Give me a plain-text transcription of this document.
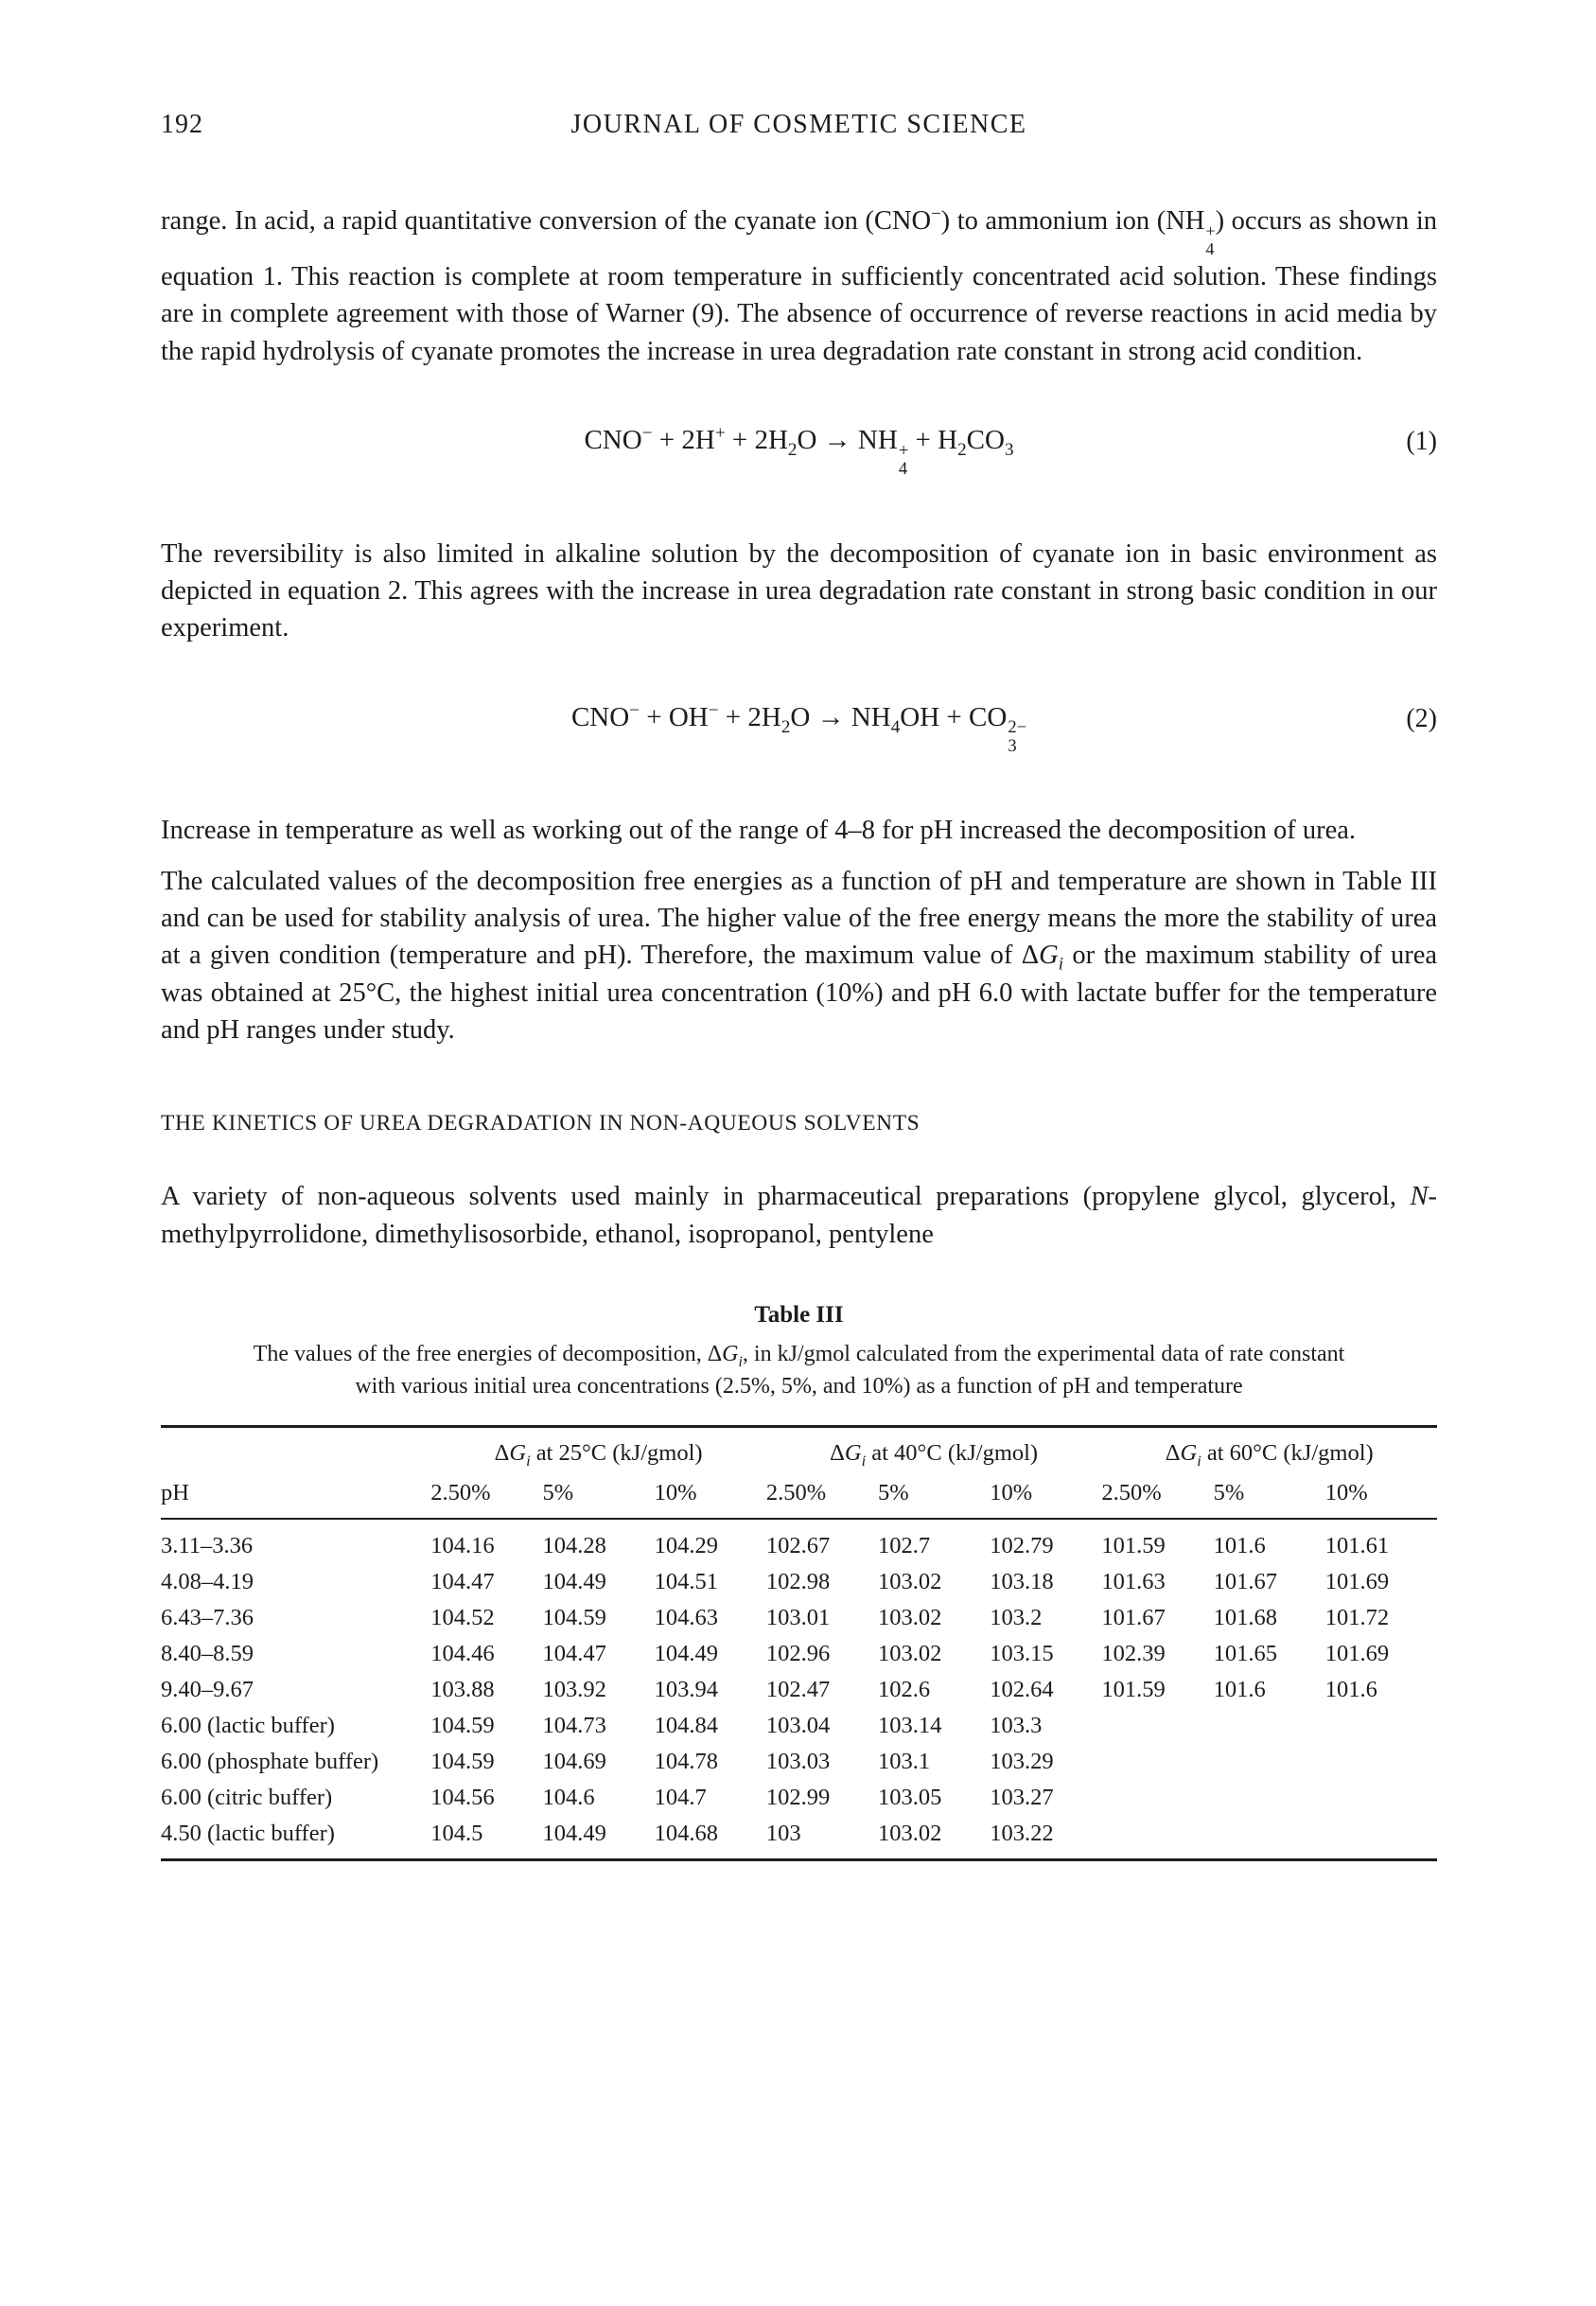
192	JOURNAL OF COSMETIC SCIENCE

range. In acid, a rapid quantitative conversion of the cyanate ion (CNO−) to ammonium ion (NH +
4
) occurs as shown in equation 1. This reaction is complete at room temperature in sufficiently concentrated acid solution. These findings are in complete agreement with those of Warner (9). The absence of occurrence of reverse reactions in acid media by the rapid hydrolysis of cyanate promotes the increase in urea degradation rate constant in strong acid condition.

$CNO^- + 2H^+ + 2H_2O$ → NH +
4
+ $H_2CO_3$	(1)

The reversibility is also limited in alkaline solution by the decomposition of cyanate ion in basic environment as depicted in equation 2. This agrees with the increase in urea degradation rate constant in strong basic condition in our experiment.

$CNO^- + OH^- + 2H_2O \to NH_4OH$ + CO 2−
3
(2)

Increase in temperature as well as working out of the range of 4–8 for pH increased the decomposition of urea.

The calculated values of the decomposition free energies as a function of pH and temperature are shown in Table III and can be used for stability analysis of urea. The higher value of the free energy means the more the stability of urea at a given condition (temperature and pH). Therefore, the maximum value of $\Delta G_i$ or the maximum stability of urea was obtained at 25°C, the highest initial urea concentration (10%) and pH 6.0 with lactate buffer for the temperature and pH ranges under study.

THE KINETICS OF UREA DEGRADATION IN NON-AQUEOUS SOLVENTS

A variety of non-aqueous solvents used mainly in pharmaceutical preparations (propylene glycol, glycerol, N-methylpyrrolidone, dimethylisosorbide, ethanol, isopropanol, pentylene

Table III
The values of the free energies of decomposition, $\Delta G_i$, in kJ/gmol calculated from the experimental data of rate constant with various initial urea concentrations (2.5%, 5%, and 10%) as a function of pH and temperature
	$\Delta G_i$ at 25°C (kJ/gmol)			$\Delta G_i$ at 40°C (kJ/gmol)			$\Delta G_i$ at 60°C (kJ/gmol)		
pH	2.50%	5%	10%	2.50%	5%	10%	2.50%	5%	10%
3.11–3.36	104.16	104.28	104.29	102.67	102.7	102.79	101.59	101.6	101.61
4.08–4.19	104.47	104.49	104.51	102.98	103.02	103.18	101.63	101.67	101.69
6.43–7.36	104.52	104.59	104.63	103.01	103.02	103.2	101.67	101.68	101.72
8.40–8.59	104.46	104.47	104.49	102.96	103.02	103.15	102.39	101.65	101.69
9.40–9.67	103.88	103.92	103.94	102.47	102.6	102.64	101.59	101.6	101.6
6.00 (lactic buffer)	104.59	104.73	104.84	103.04	103.14	103.3			
6.00 (phosphate buffer)	104.59	104.69	104.78	103.03	103.1	103.29			
6.00 (citric buffer)	104.56	104.6	104.7	102.99	103.05	103.27			
4.50 (lactic buffer)	104.5	104.49	104.68	103	103.02	103.22			
